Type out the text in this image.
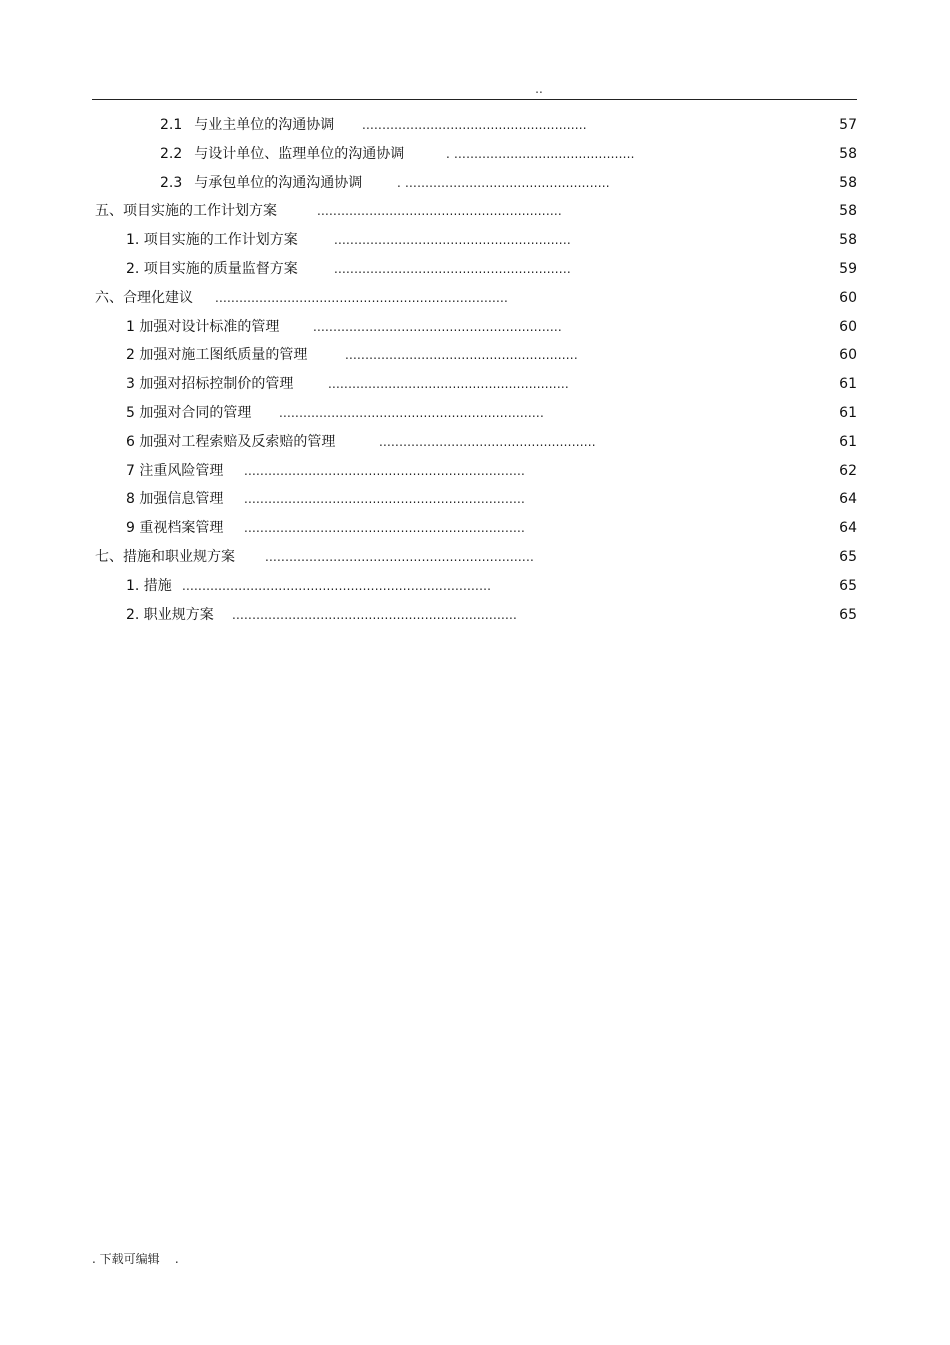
..
2.1 与业主单位的沟通协调 ........................................................	57
2.2 与设计单位、监理单位的沟通协调	. .............................................	58
2.3 与承包单位的沟通沟通协调	. ...................................................	58
五、项目实施的工作计划方案	.............................................................	58
1. 项目实施的工作计划方案	...........................................................	58
2. 项目实施的质量监督方案	...........................................................	59
六、合理化建议 .........................................................................	60
1 加强对设计标准的管理	..............................................................	60
2 加强对施工图纸质量的管理	..........................................................	60
3 加强对招标控制价的管理	............................................................	61
5 加强对合同的管理 ..................................................................	61
6 加强对工程索赔及反索赔的管理	......................................................	61
7 注重风险管理 ......................................................................	62
8 加强信息管理 ......................................................................	64
9 重视档案管理 ......................................................................	64
七、措施和职业规方案	...................................................................	65
1. 措施 .............................................................................	65
2. 职业规方案 .......................................................................	65
. 下载可编辑    .
